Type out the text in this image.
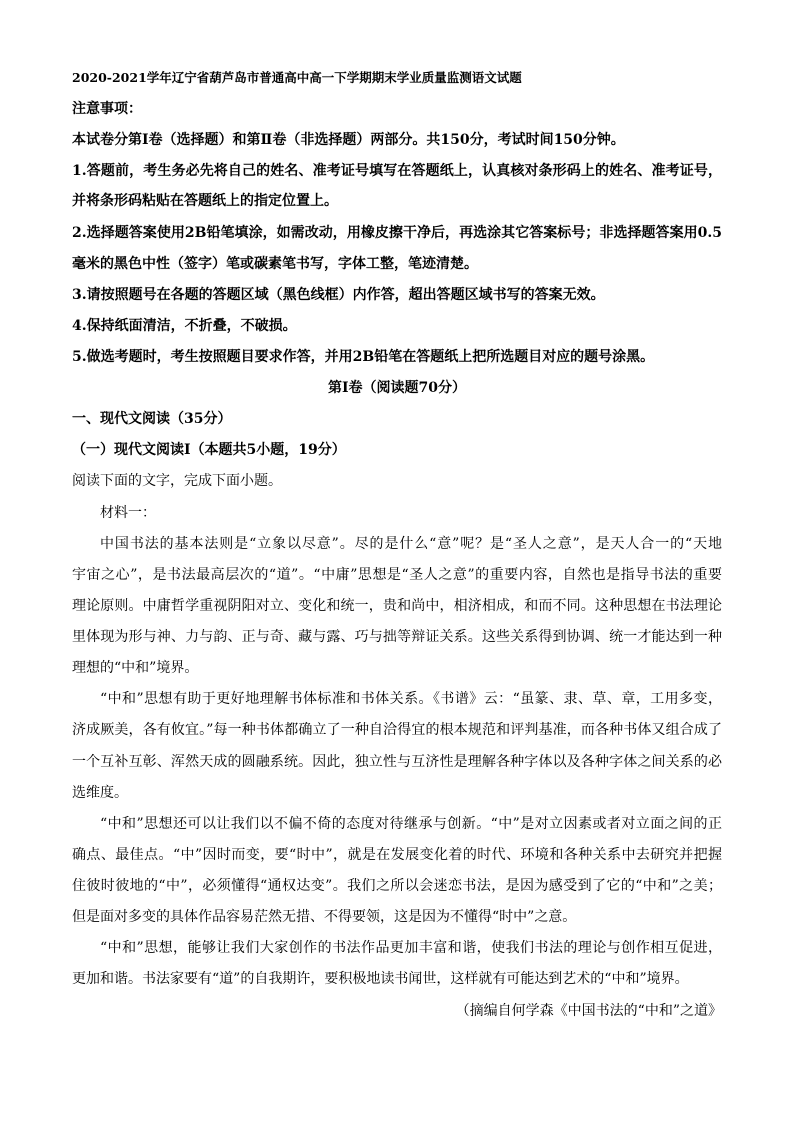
2020-2021学年辽宁省葫芦岛市普通高中高一下学期期末学业质量监测语文试题
注意事项：
本试卷分第Ⅰ卷（选择题）和第Ⅱ卷（非选择题）两部分。共150分，考试时间150分钟。
1.答题前，考生务必先将自己的姓名、准考证号填写在答题纸上，认真核对条形码上的姓名、准考证号，
并将条形码粘贴在答题纸上的指定位置上。
2.选择题答案使用2B铅笔填涂，如需改动，用橡皮擦干净后，再选涂其它答案标号；非选择题答案用0.5
毫米的黑色中性（签字）笔或碳素笔书写，字体工整，笔迹清楚。
3.请按照题号在各题的答题区域（黑色线框）内作答，超出答题区域书写的答案无效。
4.保持纸面清洁，不折叠，不破损。
5.做选考题时，考生按照题目要求作答，并用2B铅笔在答题纸上把所选题目对应的题号涂黑。
第Ⅰ卷（阅读题70分）
一、现代文阅读（35分）
（一）现代文阅读Ⅰ（本题共5小题，19分）
阅读下面的文字，完成下面小题。
材料一：
中国书法的基本法则是“立象以尽意”。尽的是什么“意”呢？是“圣人之意”，是天人合一的“天地
宇宙之心”，是书法最高层次的“道”。“中庸”思想是“圣人之意”的重要内容，自然也是指导书法的重要
理论原则。中庸哲学重视阴阳对立、变化和统一，贵和尚中，相济相成，和而不同。这种思想在书法理论
里体现为形与神、力与韵、正与奇、藏与露、巧与拙等辩证关系。这些关系得到协调、统一才能达到一种
理想的“中和”境界。
“中和”思想有助于更好地理解书体标准和书体关系。《书谱》云：“虽篆、隶、草、章，工用多变，
济成厥美，各有攸宜。”每一种书体都确立了一种自洽得宜的根本规范和评判基准，而各种书体又组合成了
一个互补互彰、浑然天成的圆融系统。因此，独立性与互济性是理解各种字体以及各种字体之间关系的必
选维度。
“中和”思想还可以让我们以不偏不倚的态度对待继承与创新。“中”是对立因素或者对立面之间的正
确点、最佳点。“中”因时而变，要“时中”，就是在发展变化着的时代、环境和各种关系中去研究并把握
住彼时彼地的“中”，必须懂得“通权达变”。我们之所以会迷恋书法，是因为感受到了它的“中和”之美；
但是面对多变的具体作品容易茫然无措、不得要领，这是因为不懂得“时中”之意。
“中和”思想，能够让我们大家创作的书法作品更加丰富和谐，使我们书法的理论与创作相互促进，
更加和谐。书法家要有“道”的自我期许，要积极地读书闻世，这样就有可能达到艺术的“中和”境界。
（摘编自何学森《中国书法的“中和”之道》
